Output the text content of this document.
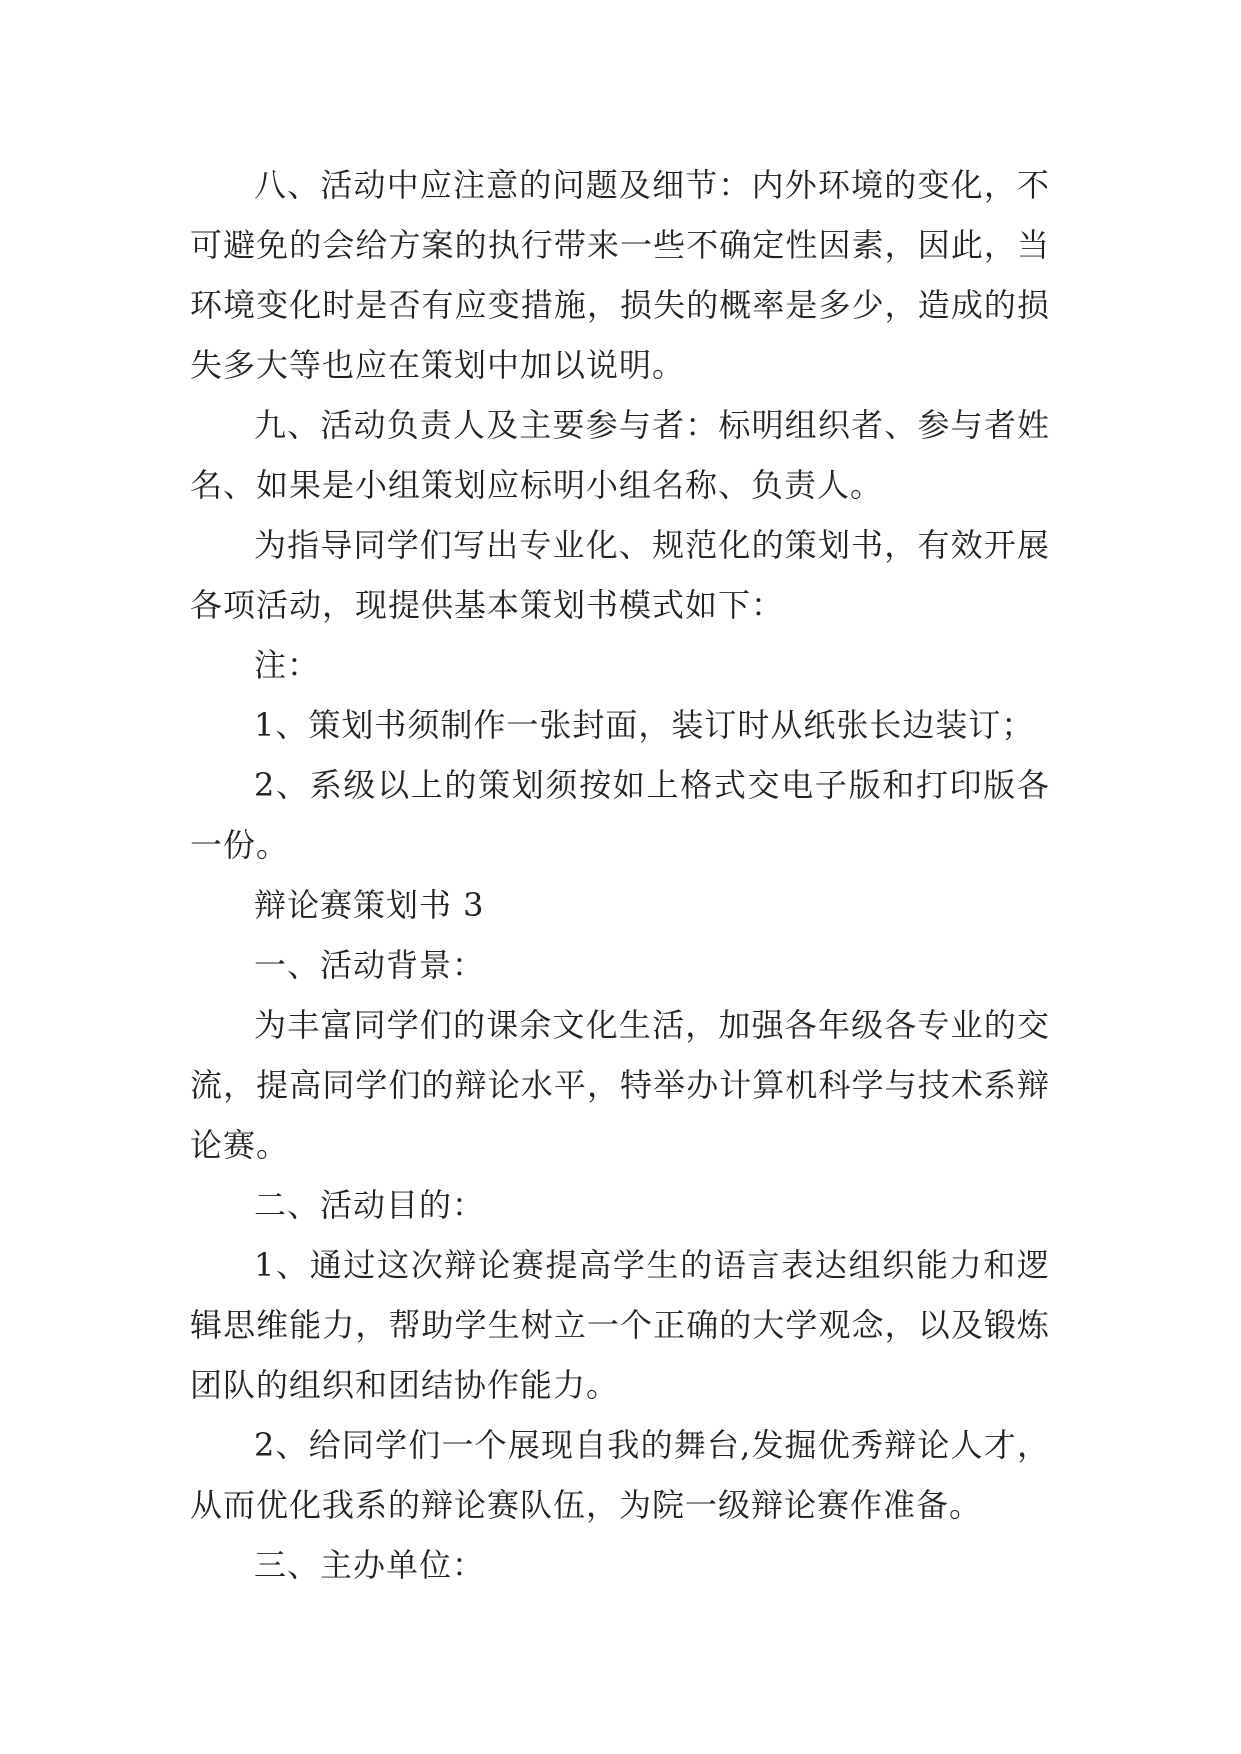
八、活动中应注意的问题及细节：内外环境的变化，不可避免的会给方案的执行带来一些不确定性因素，因此，当环境变化时是否有应变措施，损失的概率是多少，造成的损失多大等也应在策划中加以说明。

九、活动负责人及主要参与者：标明组织者、参与者姓名、如果是小组策划应标明小组名称、负责人。

为指导同学们写出专业化、规范化的策划书，有效开展各项活动，现提供基本策划书模式如下：

注：

1、策划书须制作一张封面，装订时从纸张长边装订；

2、系级以上的策划须按如上格式交电子版和打印版各一份。

辩论赛策划书 3

一、活动背景：

为丰富同学们的课余文化生活，加强各年级各专业的交流，提高同学们的辩论水平，特举办计算机科学与技术系辩论赛。

二、活动目的：

1、通过这次辩论赛提高学生的语言表达组织能力和逻辑思维能力，帮助学生树立一个正确的大学观念，以及锻炼团队的组织和团结协作能力。

2、给同学们一个展现自我的舞台,发掘优秀辩论人才，从而优化我系的辩论赛队伍，为院一级辩论赛作准备。

三、主办单位：
